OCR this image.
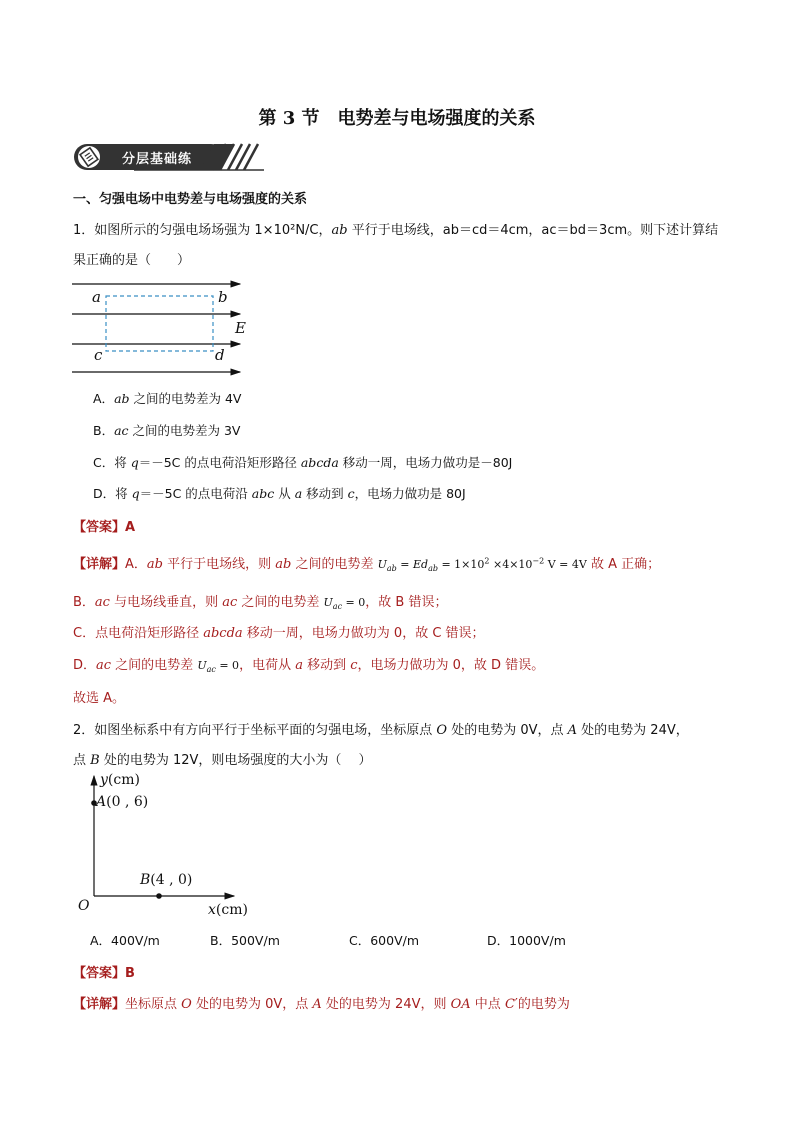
第 3 节　电势差与电场强度的关系
分层基础练
一、匀强电场中电势差与电场强度的关系
1．如图所示的匀强电场场强为 1×10²N/C，ab 平行于电场线，ab＝cd＝4cm，ac＝bd＝3cm。则下述计算结
果正确的是（　　）
a	b
E
c	d
A．ab 之间的电势差为 4V
B．ac 之间的电势差为 3V
C．将 q＝－5C 的点电荷沿矩形路径 abcda 移动一周，电场力做功是－80J
D．将 q＝－5C 的点电荷沿 abc 从 a 移动到 c，电场力做功是 80J
【答案】A
【详解】A．ab 平行于电场线，则 ab 之间的电势差 $U_{ab} = Ed_{ab} = 1\times 10^2 \times 4\times 10^{-2}$ V = 4V 故 A 正确；
B．ac 与电场线垂直，则 ac 之间的电势差 $U_{ac} = 0$，故 B 错误；
C．点电荷沿矩形路径 abcda 移动一周，电场力做功为 0，故 C 错误；
D．ac 之间的电势差 $U_{ac} = 0$，电荷从 a 移动到 c，电场力做功为 0，故 D 错误。
故选 A。
2．如图坐标系中有方向平行于坐标平面的匀强电场，坐标原点 O 处的电势为 0V，点 A 处的电势为 24V，
点 B 处的电势为 12V，则电场强度的大小为（　 ）
y(cm)
A(0 , 6)
B(4 , 0)
O	x(cm)
A．400V/m	B．500V/m	C．600V/m	D．1000V/m
【答案】B
【详解】坐标原点 O 处的电势为 0V，点 A 处的电势为 24V，则 OA 中点 C′的电势为
